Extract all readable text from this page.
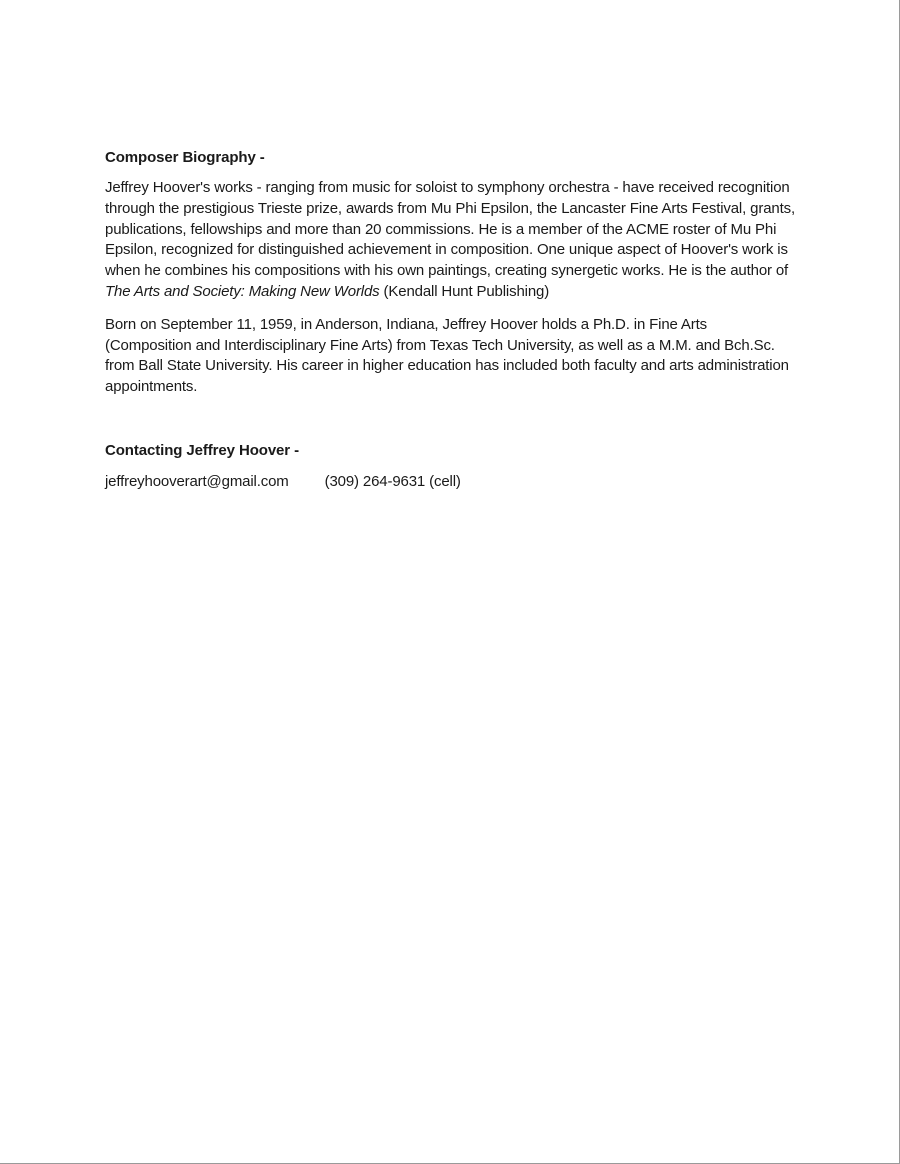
Composer Biography -

Jeffrey Hoover's works - ranging from music for soloist to symphony orchestra - have received recognition through the prestigious Trieste prize, awards from Mu Phi Epsilon, the Lancaster Fine Arts Festival, grants, publications, fellowships and more than 20 commissions. He is a member of the ACME roster of Mu Phi Epsilon, recognized for distinguished achievement in composition. One unique aspect of Hoover's work is when he combines his compositions with his own paintings, creating synergetic works. He is the author of The Arts and Society: Making New Worlds (Kendall Hunt Publishing)

Born on September 11, 1959, in Anderson, Indiana, Jeffrey Hoover holds a Ph.D. in Fine Arts (Composition and Interdisciplinary Fine Arts) from Texas Tech University, as well as a M.M. and Bch.Sc. from Ball State University. His career in higher education has included both faculty and arts administration appointments.

Contacting Jeffrey Hoover -
jeffreyhooverart@gmail.com (309) 264-9631 (cell)
